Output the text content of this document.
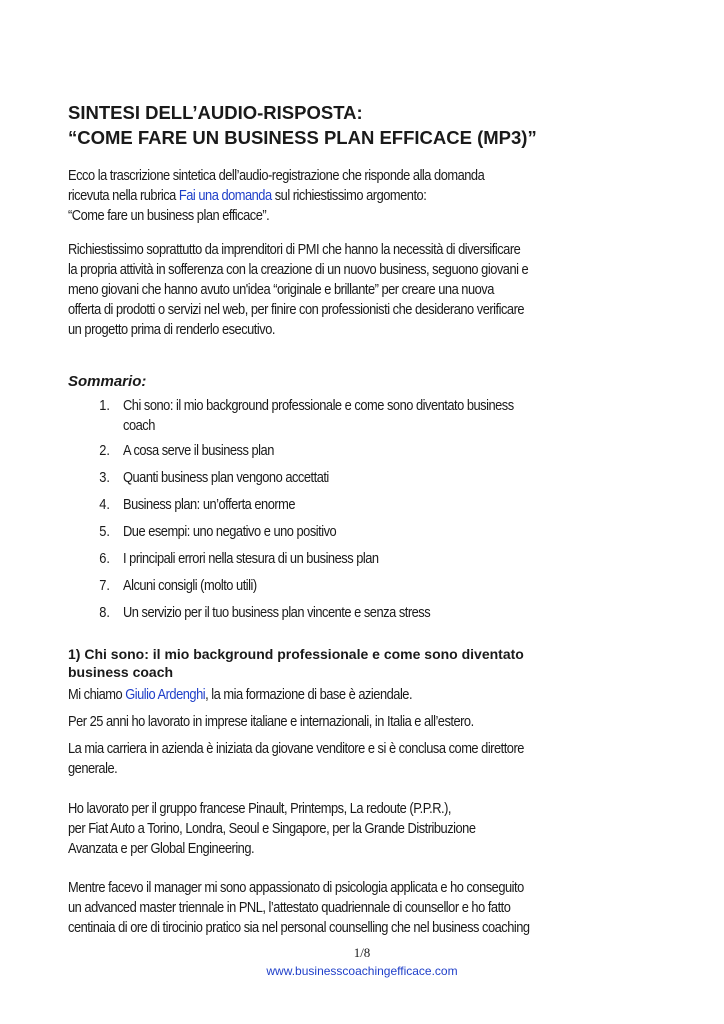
SINTESI DELL’AUDIO-RISPOSTA:
“COME FARE UN BUSINESS PLAN EFFICACE (MP3)”

Ecco la trascrizione sintetica dell’audio-registrazione che risponde alla domanda
ricevuta nella rubrica Fai una domanda sul richiestissimo argomento:
“Come fare un business plan efficace”.

Richiestissimo soprattutto da imprenditori di PMI che hanno la necessità di diversificare
la propria attività in sofferenza con la creazione di un nuovo business, seguono giovani e
meno giovani che hanno avuto un'idea “originale e brillante” per creare una nuova
offerta di prodotti o servizi nel web, per finire con professionisti che desiderano verificare
un progetto prima di renderlo esecutivo.

Sommario:
1. Chi sono: il mio background professionale e come sono diventato business
coach

2. A cosa serve il business plan

3. Quanti business plan vengono accettati

4. Business plan: un’offerta enorme

5. Due esempi: uno negativo e uno positivo

6. I principali errori nella stesura di un business plan

7. Alcuni consigli (molto utili)

8. Un servizio per il tuo business plan vincente e senza stress

1) Chi sono: il mio background professionale e come sono diventato
business coach

Mi chiamo Giulio Ardenghi, la mia formazione di base è aziendale.

Per 25 anni ho lavorato in imprese italiane e internazionali, in Italia e all’estero.

La mia carriera in azienda è iniziata da giovane venditore e si è conclusa come direttore
generale.

Ho lavorato per il gruppo francese Pinault, Printemps, La redoute (P.P.R.),
per Fiat Auto a Torino, Londra, Seoul e Singapore, per la Grande Distribuzione
Avanzata e per Global Engineering.

Mentre facevo il manager mi sono appassionato di psicologia applicata e ho conseguito
un advanced master triennale in PNL, l’attestato quadriennale di counsellor e ho fatto
centinaia di ore di tirocinio pratico sia nel personal counselling che nel business coaching

1/8
www.businesscoachingefficace.com
